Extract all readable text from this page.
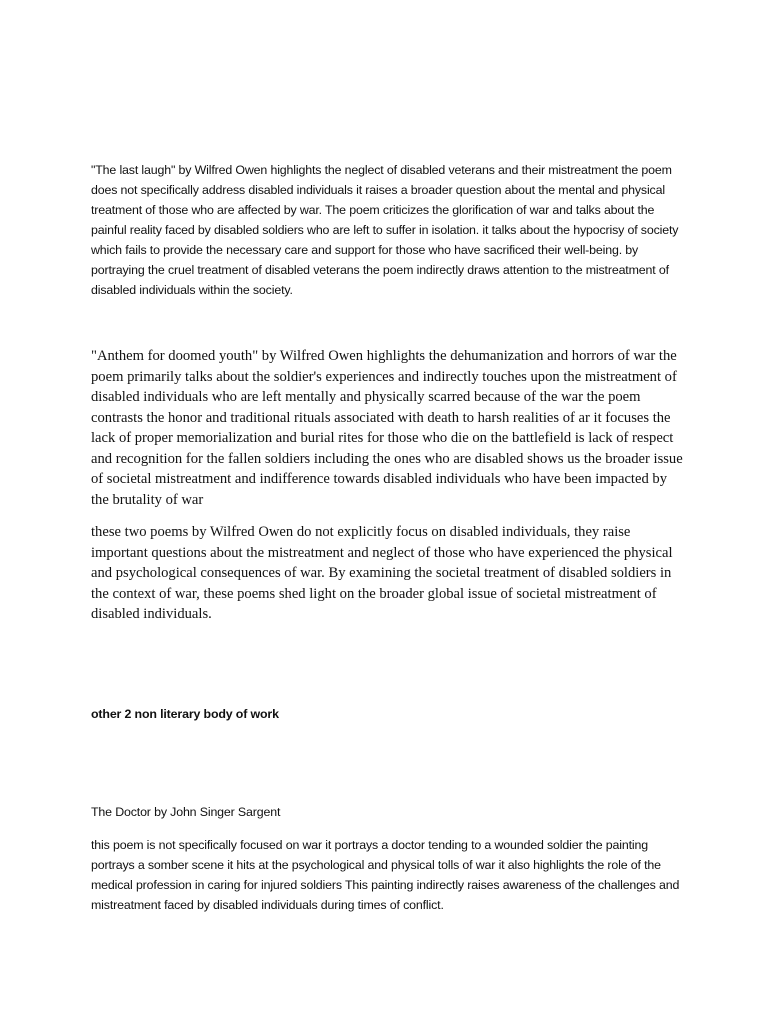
"The last laugh" by Wilfred Owen highlights the neglect of disabled veterans and their mistreatment the poem does not specifically address disabled individuals it raises a broader question about the mental and physical treatment of those who are affected by war. The poem criticizes the glorification of war and talks about the painful reality faced by disabled soldiers who are left to suffer in isolation. it talks about the hypocrisy of society which fails to provide the necessary care and support for those who have sacrificed their well-being. by portraying the cruel treatment of disabled veterans the poem indirectly draws attention to the mistreatment of disabled individuals within the society.

"Anthem for doomed youth" by Wilfred Owen highlights the dehumanization and horrors of war the poem primarily talks about the soldier's experiences and indirectly touches upon the mistreatment of disabled individuals who are left mentally and physically scarred because of the war the poem contrasts the honor and traditional rituals associated with death to harsh realities of ar it focuses the lack of proper memorialization and burial rites for those who die on the battlefield is lack of respect and recognition for the fallen soldiers including the ones who are disabled shows us the broader issue of societal mistreatment and indifference towards disabled individuals who have been impacted by the brutality of war

these two poems by Wilfred Owen do not explicitly focus on disabled individuals, they raise important questions about the mistreatment and neglect of those who have experienced the physical and psychological consequences of war. By examining the societal treatment of disabled soldiers in the context of war, these poems shed light on the broader global issue of societal mistreatment of disabled individuals.

other 2 non literary body of work

The Doctor by John Singer Sargent

this poem is not specifically focused on war it portrays a doctor tending to a wounded soldier the painting portrays a somber scene it hits at the psychological and physical tolls of war it also highlights the role of the medical profession in caring for injured soldiers This painting indirectly raises awareness of the challenges and mistreatment faced by disabled individuals during times of conflict.
